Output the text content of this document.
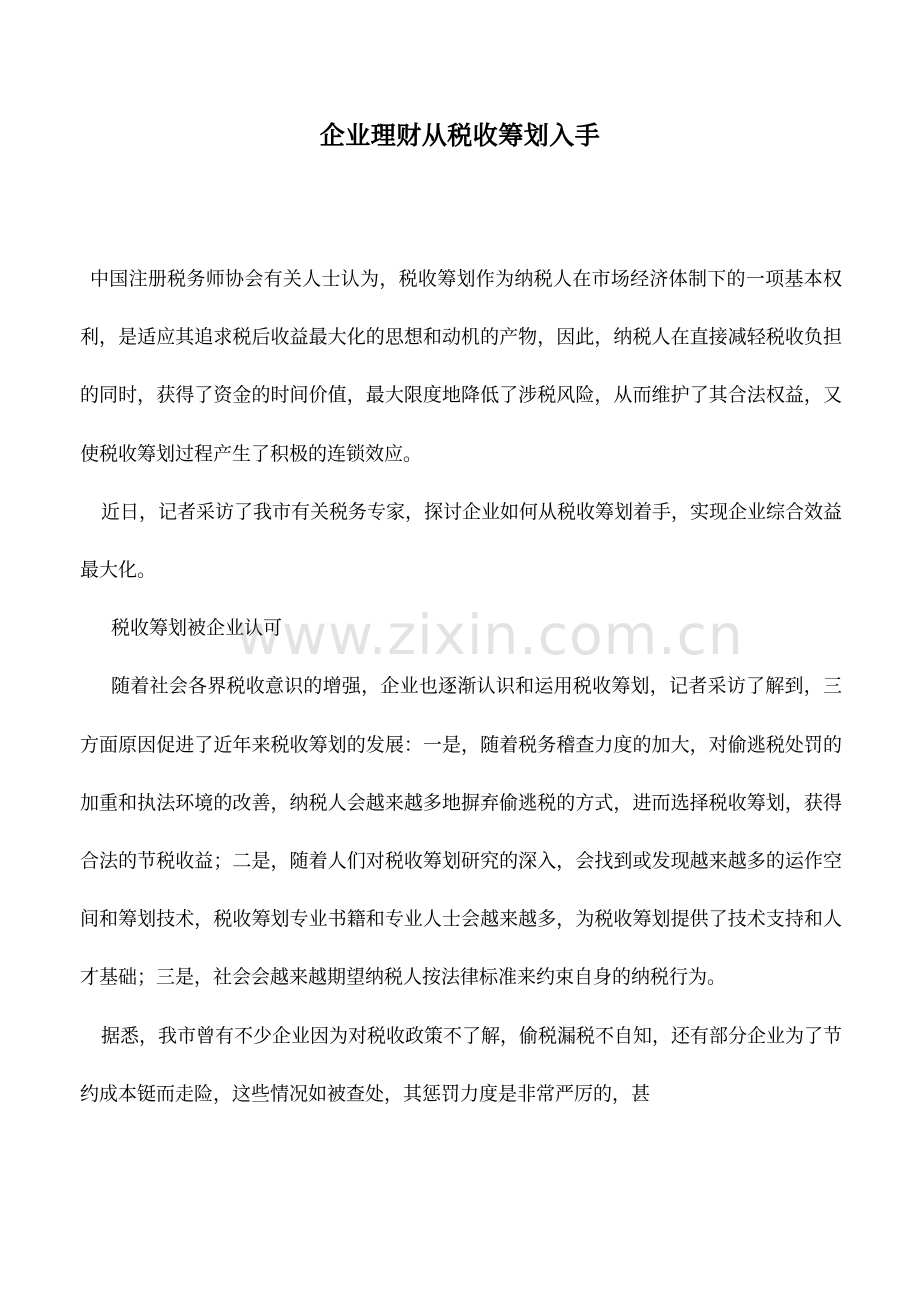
企业理财从税收筹划入手
www.zixin.com.cn

中国注册税务师协会有关人士认为，税收筹划作为纳税人在市场经济体制下的一项基本权利，是适应其追求税后收益最大化的思想和动机的产物，因此，纳税人在直接减轻税收负担的同时，获得了资金的时间价值，最大限度地降低了涉税风险，从而维护了其合法权益，又使税收筹划过程产生了积极的连锁效应。

近日，记者采访了我市有关税务专家，探讨企业如何从税收筹划着手，实现企业综合效益最大化。

税收筹划被企业认可

随着社会各界税收意识的增强，企业也逐渐认识和运用税收筹划，记者采访了解到，三方面原因促进了近年来税收筹划的发展：一是，随着税务稽查力度的加大，对偷逃税处罚的加重和执法环境的改善，纳税人会越来越多地摒弃偷逃税的方式，进而选择税收筹划，获得合法的节税收益；二是，随着人们对税收筹划研究的深入，会找到或发现越来越多的运作空间和筹划技术，税收筹划专业书籍和专业人士会越来越多，为税收筹划提供了技术支持和人才基础；三是，社会会越来越期望纳税人按法律标准来约束自身的纳税行为。

据悉，我市曾有不少企业因为对税收政策不了解，偷税漏税不自知，还有部分企业为了节约成本铤而走险，这些情况如被查处，其惩罚力度是非常严厉的，甚
